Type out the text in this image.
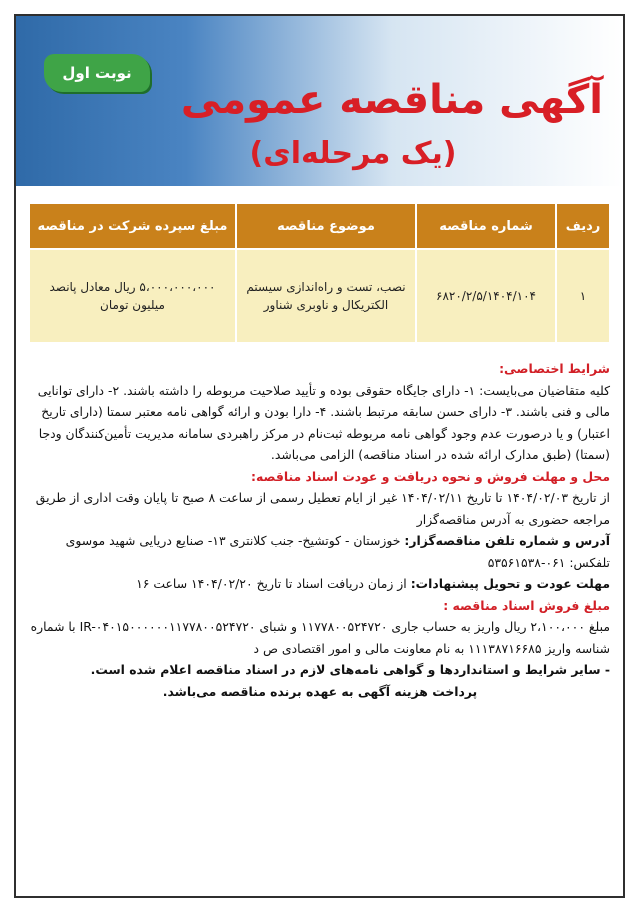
نوبت اول
آگهی مناقصه عمومی
(یک مرحله‌ای)
ردیف	شماره مناقصه	موضوع مناقصه	مبلغ سپرده شرکت در مناقصه
۱	۶۸۲۰/۲/۵/۱۴۰۴/۱۰۴	نصب، تست و راه‌اندازی سیستم الکتریکال و ناوبری شناور	۵،۰۰۰،۰۰۰،۰۰۰ ریال معادل پانصد میلیون تومان

شرایط اختصاصی:

کلیه متقاضیان می‌بایست: ۱- دارای جایگاه حقوقی بوده و تأیید صلاحیت مربوطه را داشته باشند. ۲- دارای توانایی مالی و فنی باشند. ۳- دارای حسن سابقه مرتبط باشند. ۴- دارا بودن و ارائه گواهی نامه معتبر سمتا (دارای تاریخ اعتبار) و یا درصورت عدم وجود گواهی نامه مربوطه ثبت‌نام در مرکز راهبردی سامانه مدیریت تأمین‌کنندگان ودجا (سمتا) (طبق مدارک ارائه شده در اسناد مناقصه) الزامی می‌باشد.

محل و مهلت فروش و نحوه دریافت و عودت اسناد مناقصه:

از تاریخ ۱۴۰۴/۰۲/۰۳ تا تاریخ ۱۴۰۴/۰۲/۱۱ غیر از ایام تعطیل رسمی از ساعت ۸ صبح تا پایان وقت اداری از طریق مراجعه حضوری به آدرس مناقصه‌گزار

آدرس و شماره تلفن مناقصه‌گزار: خوزستان - کوتشیخ- جنب کلانتری ۱۳- صنایع دریایی شهید موسوی تلفکس: ۰۶۱-۵۳۵۶۱۵۳۸

مهلت عودت و تحویل پیشنهادات: از زمان دریافت اسناد تا تاریخ ۱۴۰۴/۰۲/۲۰ ساعت ۱۶

مبلغ فروش اسناد مناقصه :

مبلغ ۲،۱۰۰،۰۰۰ ریال واریز به حساب جاری ۱۱۷۷۸۰۰۵۲۴۷۲۰ و شبای IR-۰۴۰۱۵۰۰۰۰۰۰۱۱۷۷۸۰۰۵۲۴۷۲۰ با شماره شناسه واریز ۱۱۱۳۸۷۱۶۶۸۵ به نام معاونت مالی و امور اقتصادی ص د

- سایر شرایط و استانداردها و گواهی نامه‌های لازم در اسناد مناقصه اعلام شده است.

پرداخت هزینه آگهی به عهده برنده مناقصه می‌باشد.
